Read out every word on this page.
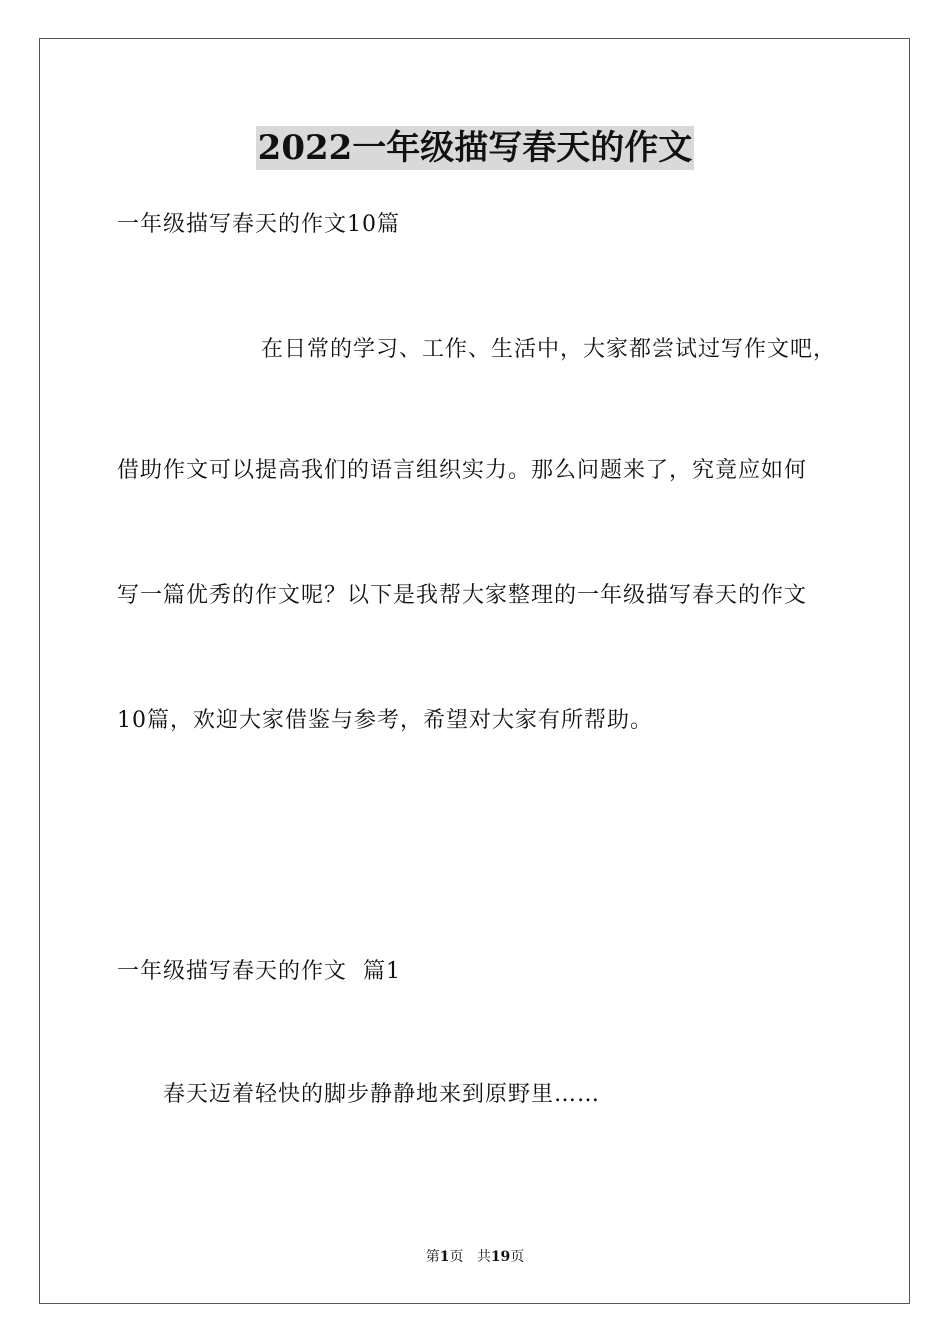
2022一年级描写春天的作文
一年级描写春天的作文10篇
在日常的学习、工作、生活中，大家都尝试过写作文吧，
借助作文可以提高我们的语言组织实力。那么问题来了，究竟应如何
写一篇优秀的作文呢？以下是我帮大家整理的一年级描写春天的作文
10篇，欢迎大家借鉴与参考，希望对大家有所帮助。
一年级描写春天的作文  篇1
春天迈着轻快的脚步静静地来到原野里……
第1页 共19页
